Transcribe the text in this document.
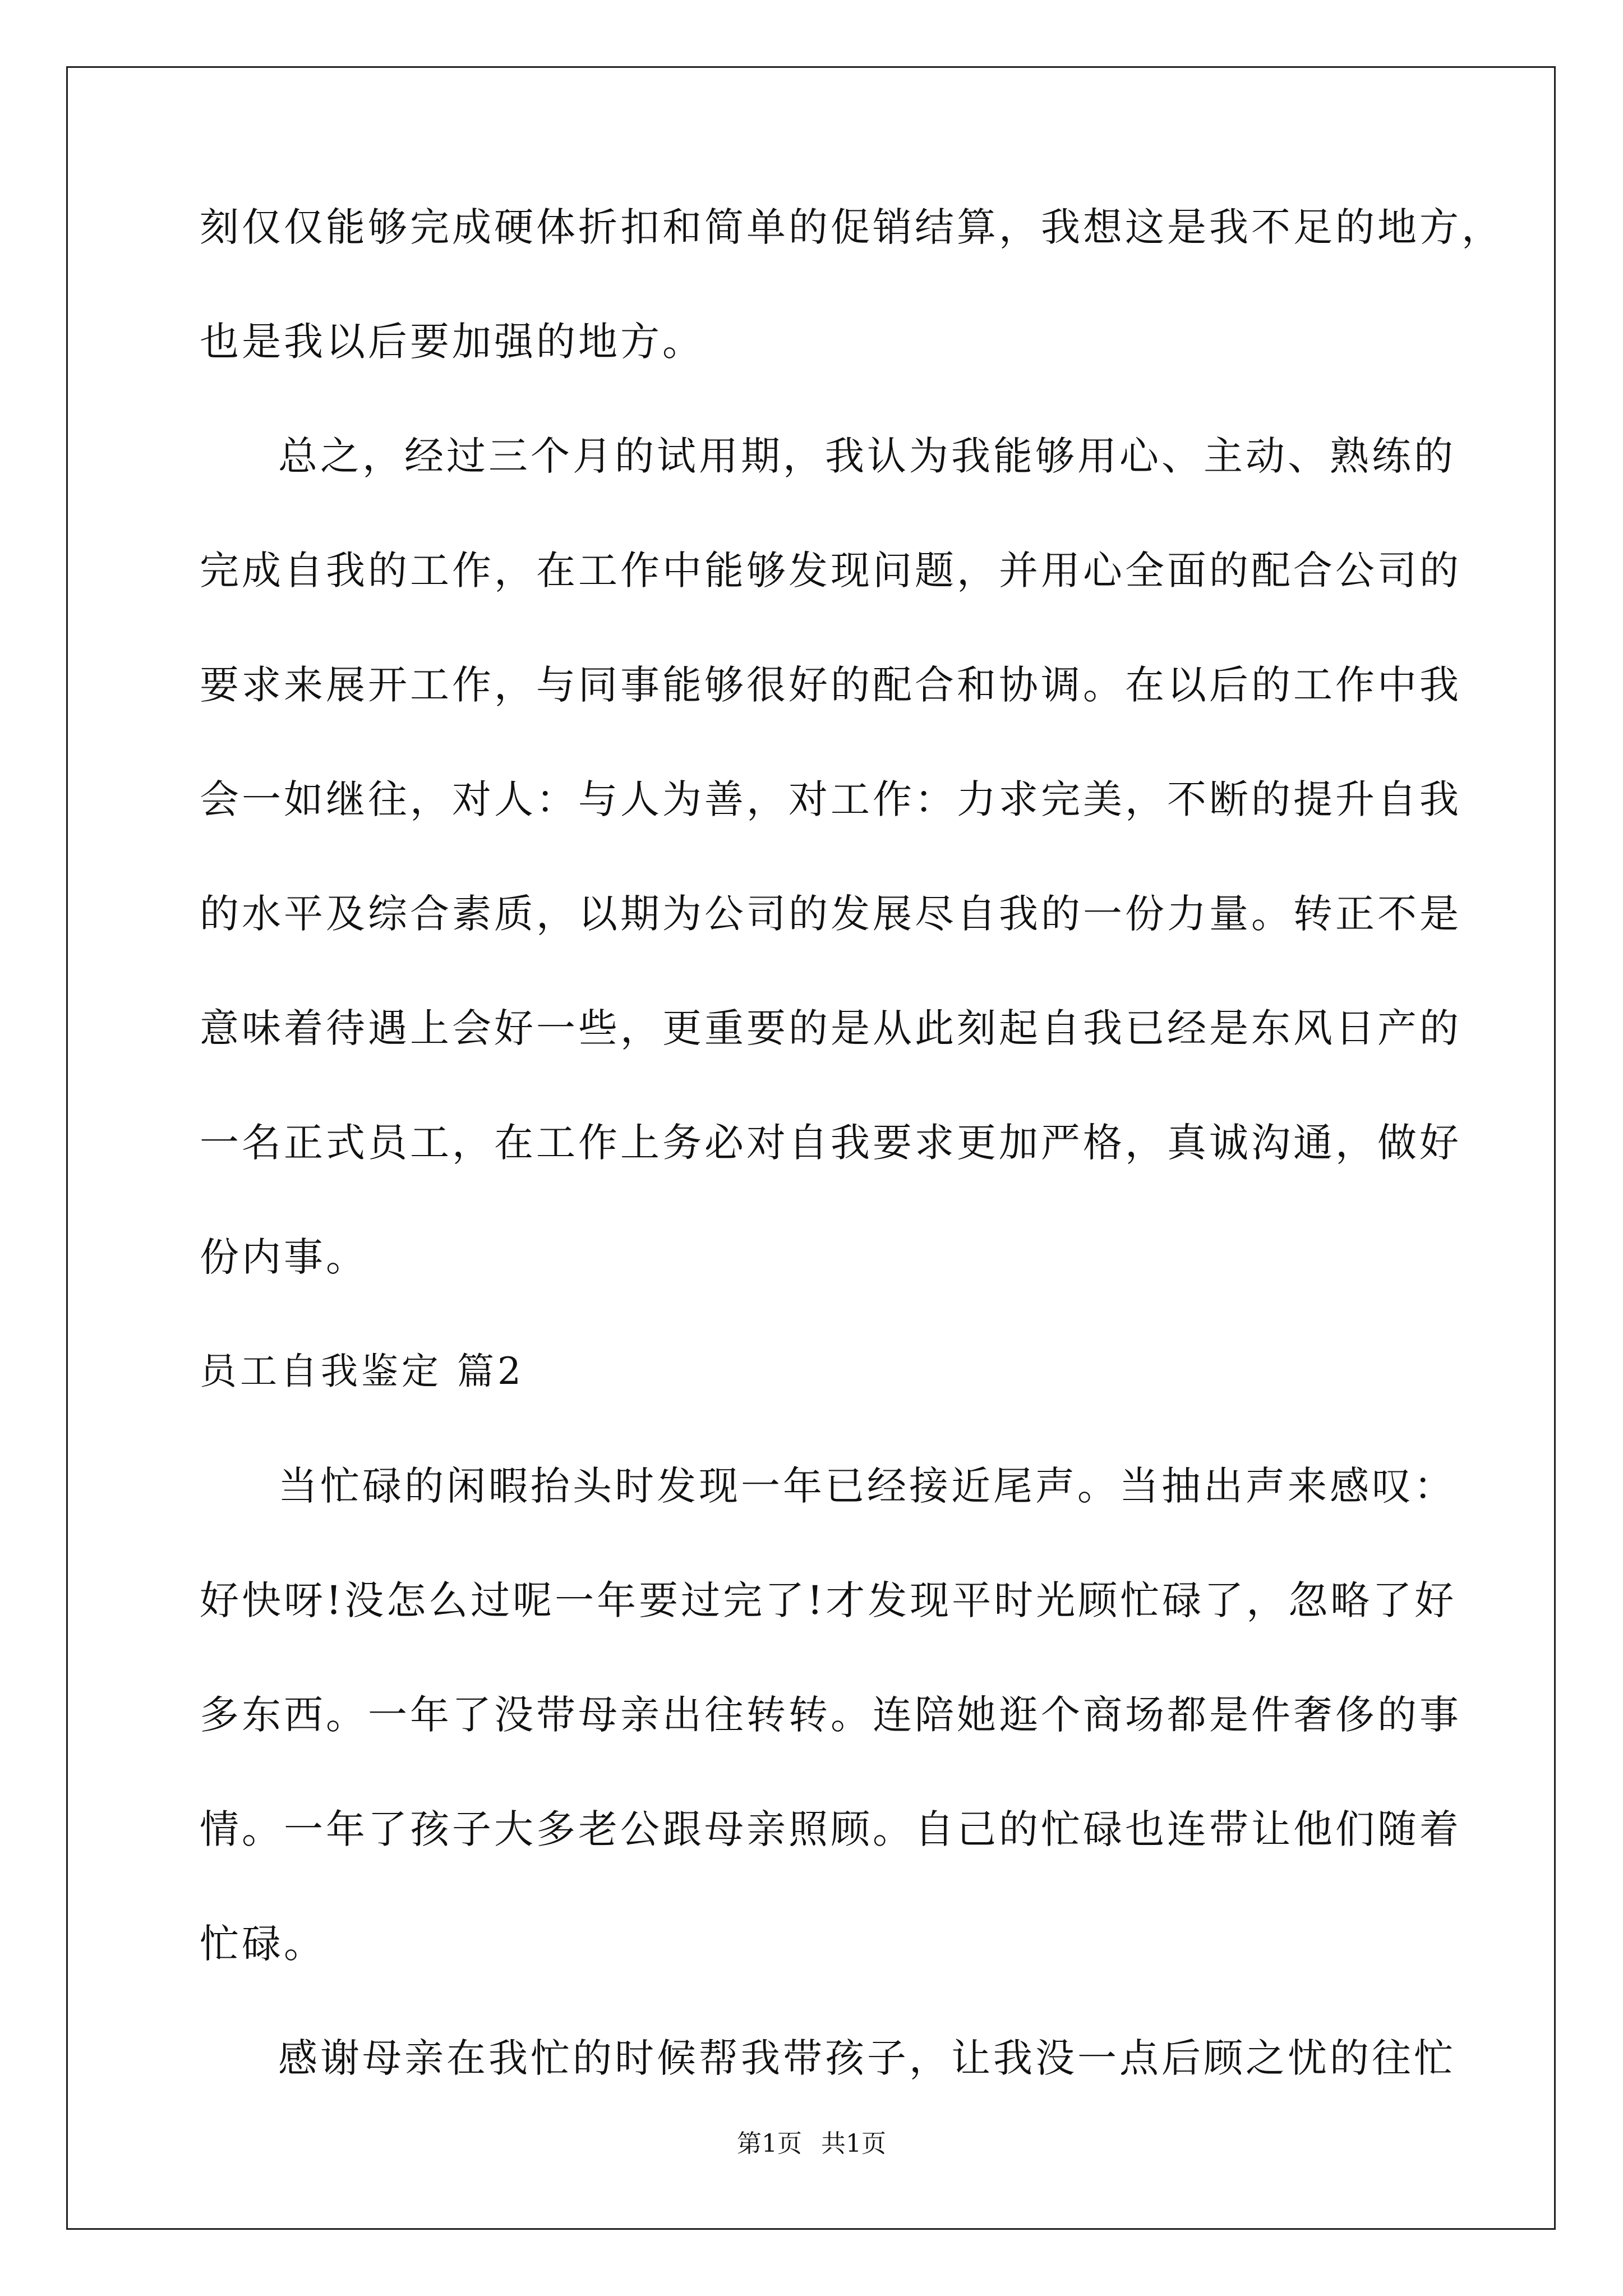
刻仅仅能够完成硬体折扣和简单的促销结算，我想这是我不足的地方，
也是我以后要加强的地方。
总之，经过三个月的试用期，我认为我能够用心、主动、熟练的
完成自我的工作，在工作中能够发现问题，并用心全面的配合公司的
要求来展开工作，与同事能够很好的配合和协调。在以后的工作中我
会一如继往，对人：与人为善，对工作：力求完美，不断的提升自我
的水平及综合素质，以期为公司的发展尽自我的一份力量。转正不是
意味着待遇上会好一些，更重要的是从此刻起自我已经是东风日产的
一名正式员工，在工作上务必对自我要求更加严格，真诚沟通，做好
份内事。
员工自我鉴定 篇2
当忙碌的闲暇抬头时发现一年已经接近尾声。当抽出声来感叹：
好快呀!没怎么过呢一年要过完了!才发现平时光顾忙碌了，忽略了好
多东西。一年了没带母亲出往转转。连陪她逛个商场都是件奢侈的事
情。一年了孩子大多老公跟母亲照顾。自己的忙碌也连带让他们随着
忙碌。
感谢母亲在我忙的时候帮我带孩子，让我没一点后顾之忧的往忙
第1页 共1页
